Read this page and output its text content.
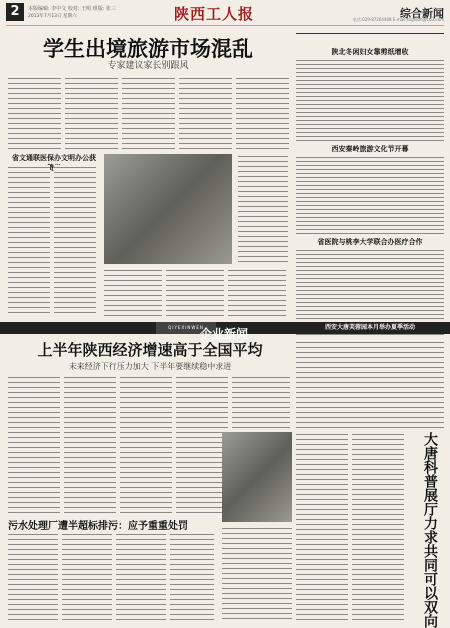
2	本版编辑: 李中文 校对: 王明 组版: 张三
2013年7月13日 星期六	陕西工人报	综合新闻
电话:029-87264408 E-mail:sxgrbzh@163.com
学生出境旅游市场混乱
专家建议家长别跟风
省文通联医保办文明办公获赞
陕北冬闲妇女靠剪纸增收
西安秦岭旅游文化节开幕
省医院与桃李大学联合办医疗合作
QIYEXINWEN
企业新闻	西安大唐芙蓉园本月举办夏季活动
上半年陕西经济增速高于全国平均
未来经济下行压力加大 下半年要继续稳中求进
污水处理厂遭半超标排污：应予重重处罚	大唐科普展厅力求共同可以双向
